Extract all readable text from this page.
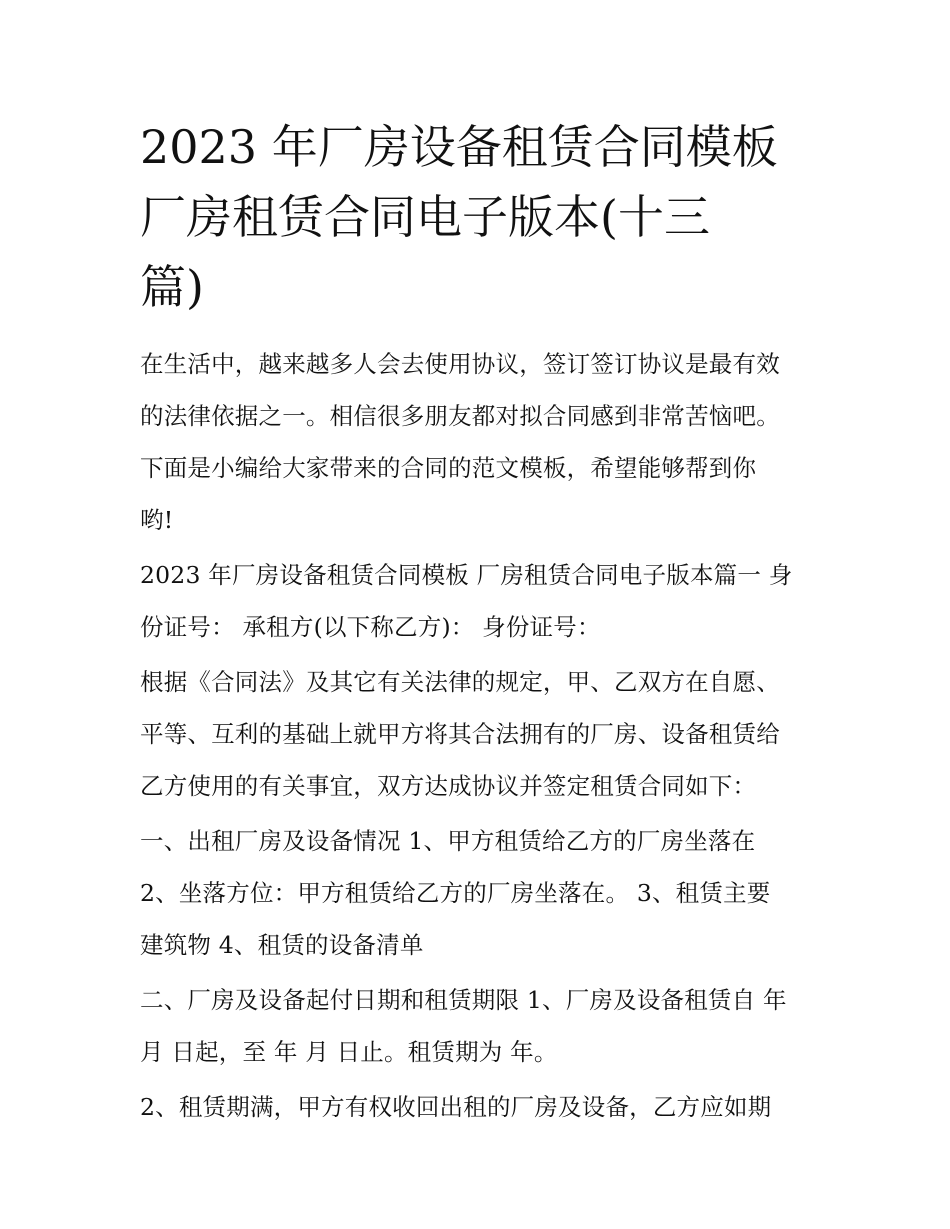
2023 年厂房设备租赁合同模板
厂房租赁合同电子版本(十三
篇)

在生活中，越来越多人会去使用协议，签订签订协议是最有效
的法律依据之一。相信很多朋友都对拟合同感到非常苦恼吧。
下面是小编给大家带来的合同的范文模板，希望能够帮到你
哟!

2023 年厂房设备租赁合同模板 厂房租赁合同电子版本篇一 身
份证号： 承租方(以下称乙方)： 身份证号：

根据《合同法》及其它有关法律的规定，甲、乙双方在自愿、
平等、互利的基础上就甲方将其合法拥有的厂房、设备租赁给
乙方使用的有关事宜，双方达成协议并签定租赁合同如下：

一、出租厂房及设备情况 1、甲方租赁给乙方的厂房坐落在
2、坐落方位：甲方租赁给乙方的厂房坐落在。 3、租赁主要
建筑物 4、租赁的设备清单

二、厂房及设备起付日期和租赁期限 1、厂房及设备租赁自 年
月 日起，至 年 月 日止。租赁期为 年。

2、租赁期满，甲方有权收回出租的厂房及设备，乙方应如期
